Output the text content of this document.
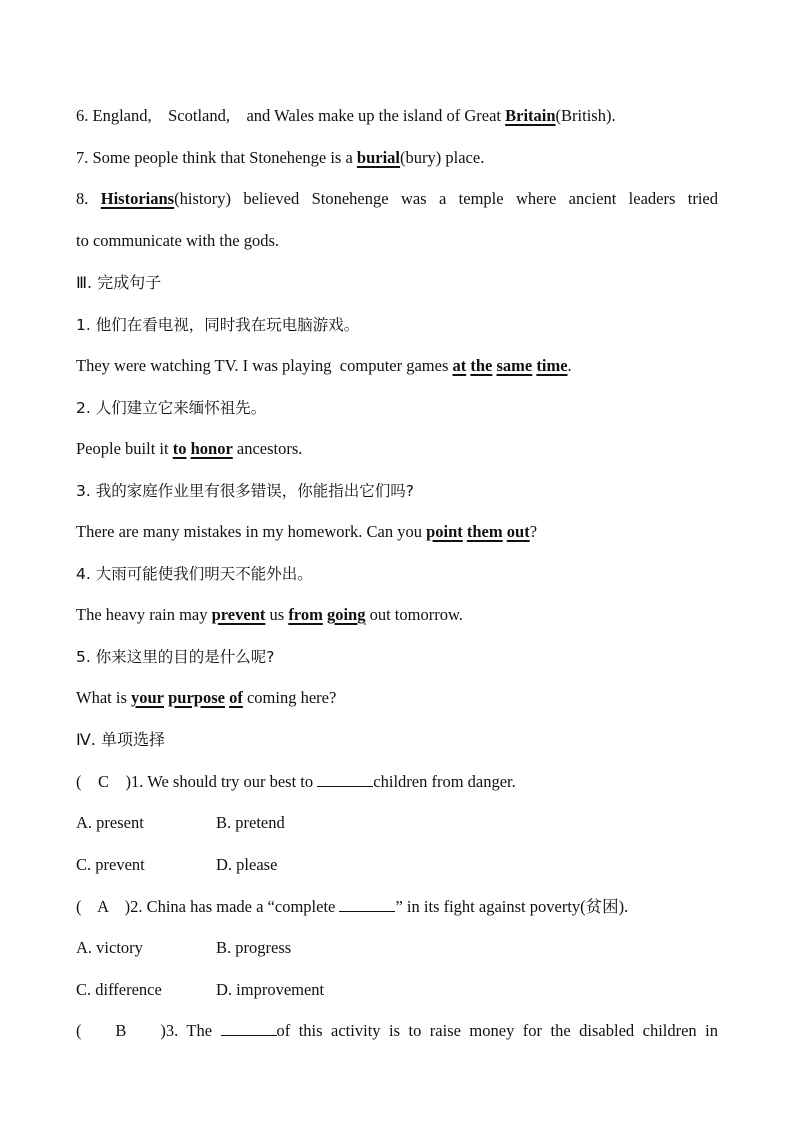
6. England,    Scotland,    and Wales make up the island of Great Britain(British).
7. Some people think that Stonehenge is a burial(bury) place.
8. Historians(history) believed Stonehenge was a temple where ancient leaders tried
to communicate with the gods.
Ⅲ. 完成句子
1. 他们在看电视，同时我在玩电脑游戏。
They were watching TV. I was playing  computer games at the same time.
2. 人们建立它来缅怀祖先。
People built it to honor ancestors.
3. 我的家庭作业里有很多错误，你能指出它们吗?
There are many mistakes in my homework. Can you point them out?
4. 大雨可能使我们明天不能外出。
The heavy rain may prevent us from going out tomorrow.
5. 你来这里的目的是什么呢?
What is your purpose of coming here?
Ⅳ. 单项选择
(    C    )1. We should try our best to	children from danger.
A. present	B. pretend
C. prevent	D. please
(    A    )2. China has made a “complete	” in its fight against poverty(贫困).
A. victory	B. progress
C. difference	D. improvement
(    B    )3. The	of this activity is to raise money for the disabled children in
